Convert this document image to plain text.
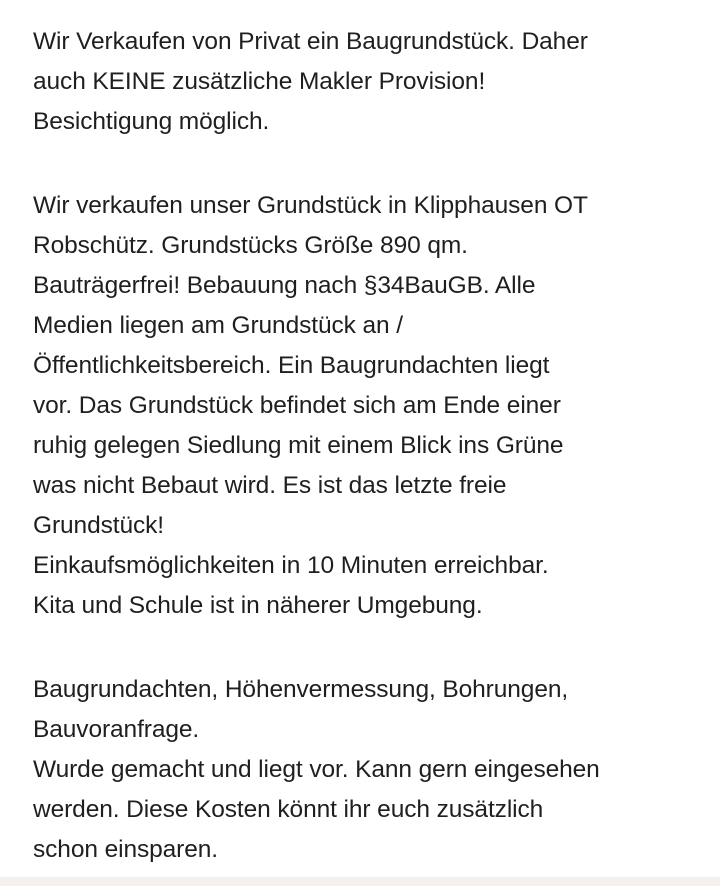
Wir Verkaufen von Privat ein Baugrundstück. Daher
auch KEINE zusätzliche Makler Provision!
Besichtigung möglich.
Wir verkaufen unser Grundstück in Klipphausen OT
Robschütz. Grundstücks Größe 890 qm.
Bauträgerfrei! Bebauung nach §34BauGB. Alle
Medien liegen am Grundstück an /
Öffentlichkeitsbereich. Ein Baugrundachten liegt
vor. Das Grundstück befindet sich am Ende einer
ruhig gelegen Siedlung mit einem Blick ins Grüne
was nicht Bebaut wird. Es ist das letzte freie
Grundstück!
Einkaufsmöglichkeiten in 10 Minuten erreichbar.
Kita und Schule ist in näherer Umgebung.
Baugrundachten, Höhenvermessung, Bohrungen,
Bauvoranfrage.
Wurde gemacht und liegt vor. Kann gern eingesehen
werden. Diese Kosten könnt ihr euch zusätzlich
schon einsparen.
